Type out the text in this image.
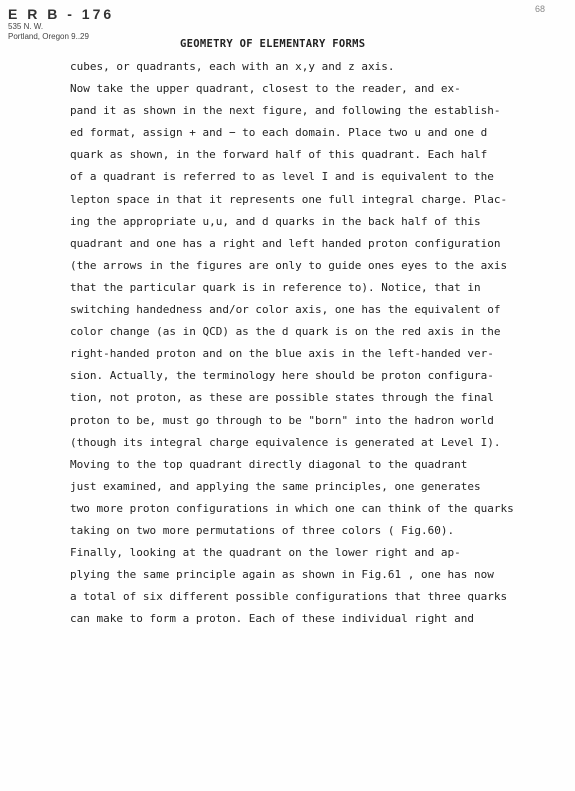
E R B - 176
535 N. W.
Portland, Oregon 9..29
68
GEOMETRY OF ELEMENTARY FORMS
cubes, or quadrants, each with an x,y and z axis.
Now take the upper quadrant, closest to the reader, and ex-
pand it as shown in the next figure, and following the establish-
ed format, assign + and − to each domain. Place two u and one d
quark as shown, in the forward half of this quadrant. Each half
of a quadrant is referred to as level I and is equivalent to the
lepton space in that it represents one full integral charge. Plac-
ing the appropriate u,u, and d quarks in the back half of this
quadrant and one has a right and left handed proton configuration
(the arrows in the figures are only to guide ones eyes to the axis
that the particular quark is in reference to). Notice, that in
switching handedness and/or color axis, one has the equivalent of
color change (as in QCD) as the d quark is on the red axis in the
right-handed proton and on the blue axis in the left-handed ver-
sion. Actually, the terminology here should be proton configura-
tion, not proton, as these are possible states through the final
proton to be, must go through to be "born" into the hadron world
(though its integral charge equivalence is generated at Level I).
Moving to the top quadrant directly diagonal to the quadrant
just examined, and applying the same principles, one generates
two more proton configurations in which one can think of the quarks
taking on two more permutations of three colors ( Fig.60).
Finally, looking at the quadrant on the lower right and ap-
plying the same principle again as shown in Fig.61 , one has now
a total of six different possible configurations that three quarks
can make to form a proton. Each of these individual right and
